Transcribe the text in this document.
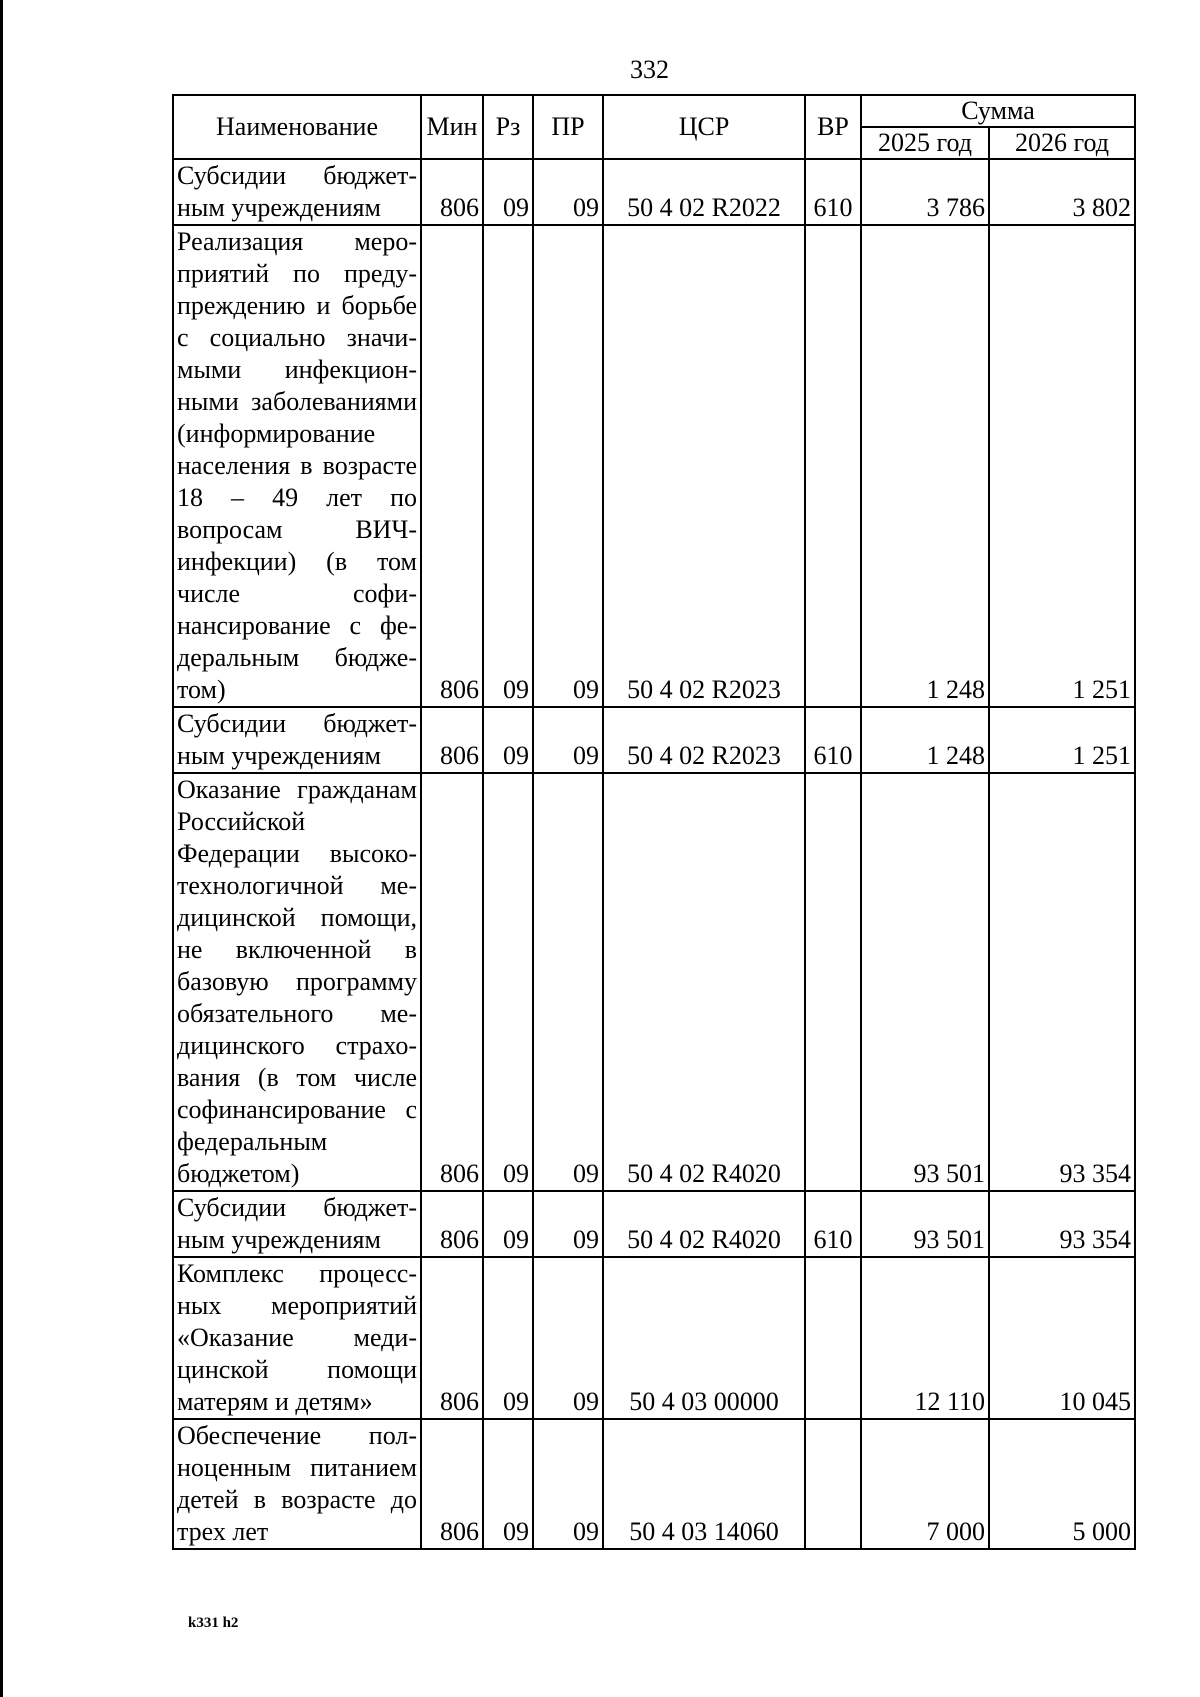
332
Наименование	Мин	Рз	ПР	ЦСР	ВР	Сумма	
						2025 год	2026 год
Субсидии бюджетным учреждениям	806	09	09	50 4 02 R2022	610	3 786	3 802
Реализация мероприятий по предупреждению и борьбе с социально значимыми инфекционными заболеваниями (информирование населения в возрасте 18 – 49 лет по вопросам ВИЧ-инфекции) (в том числе софинансирование с федеральным бюджетом)	806	09	09	50 4 02 R2023		1 248	1 251
Субсидии бюджетным учреждениям	806	09	09	50 4 02 R2023	610	1 248	1 251
Оказание гражданам Российской Федерации высокотехнологичной медицинской помощи, не включенной в базовую программу обязательного медицинского страхования (в том числе софинансирование с федеральным бюджетом)	806	09	09	50 4 02 R4020		93 501	93 354
Субсидии бюджетным учреждениям	806	09	09	50 4 02 R4020	610	93 501	93 354
Комплекс процессных мероприятий «Оказание медицинской помощи матерям и детям»	806	09	09	50 4 03 00000		12 110	10 045
Обеспечение полноценным питанием детей в возрасте до трех лет	806	09	09	50 4 03 14060		7 000	5 000
k331 h2
